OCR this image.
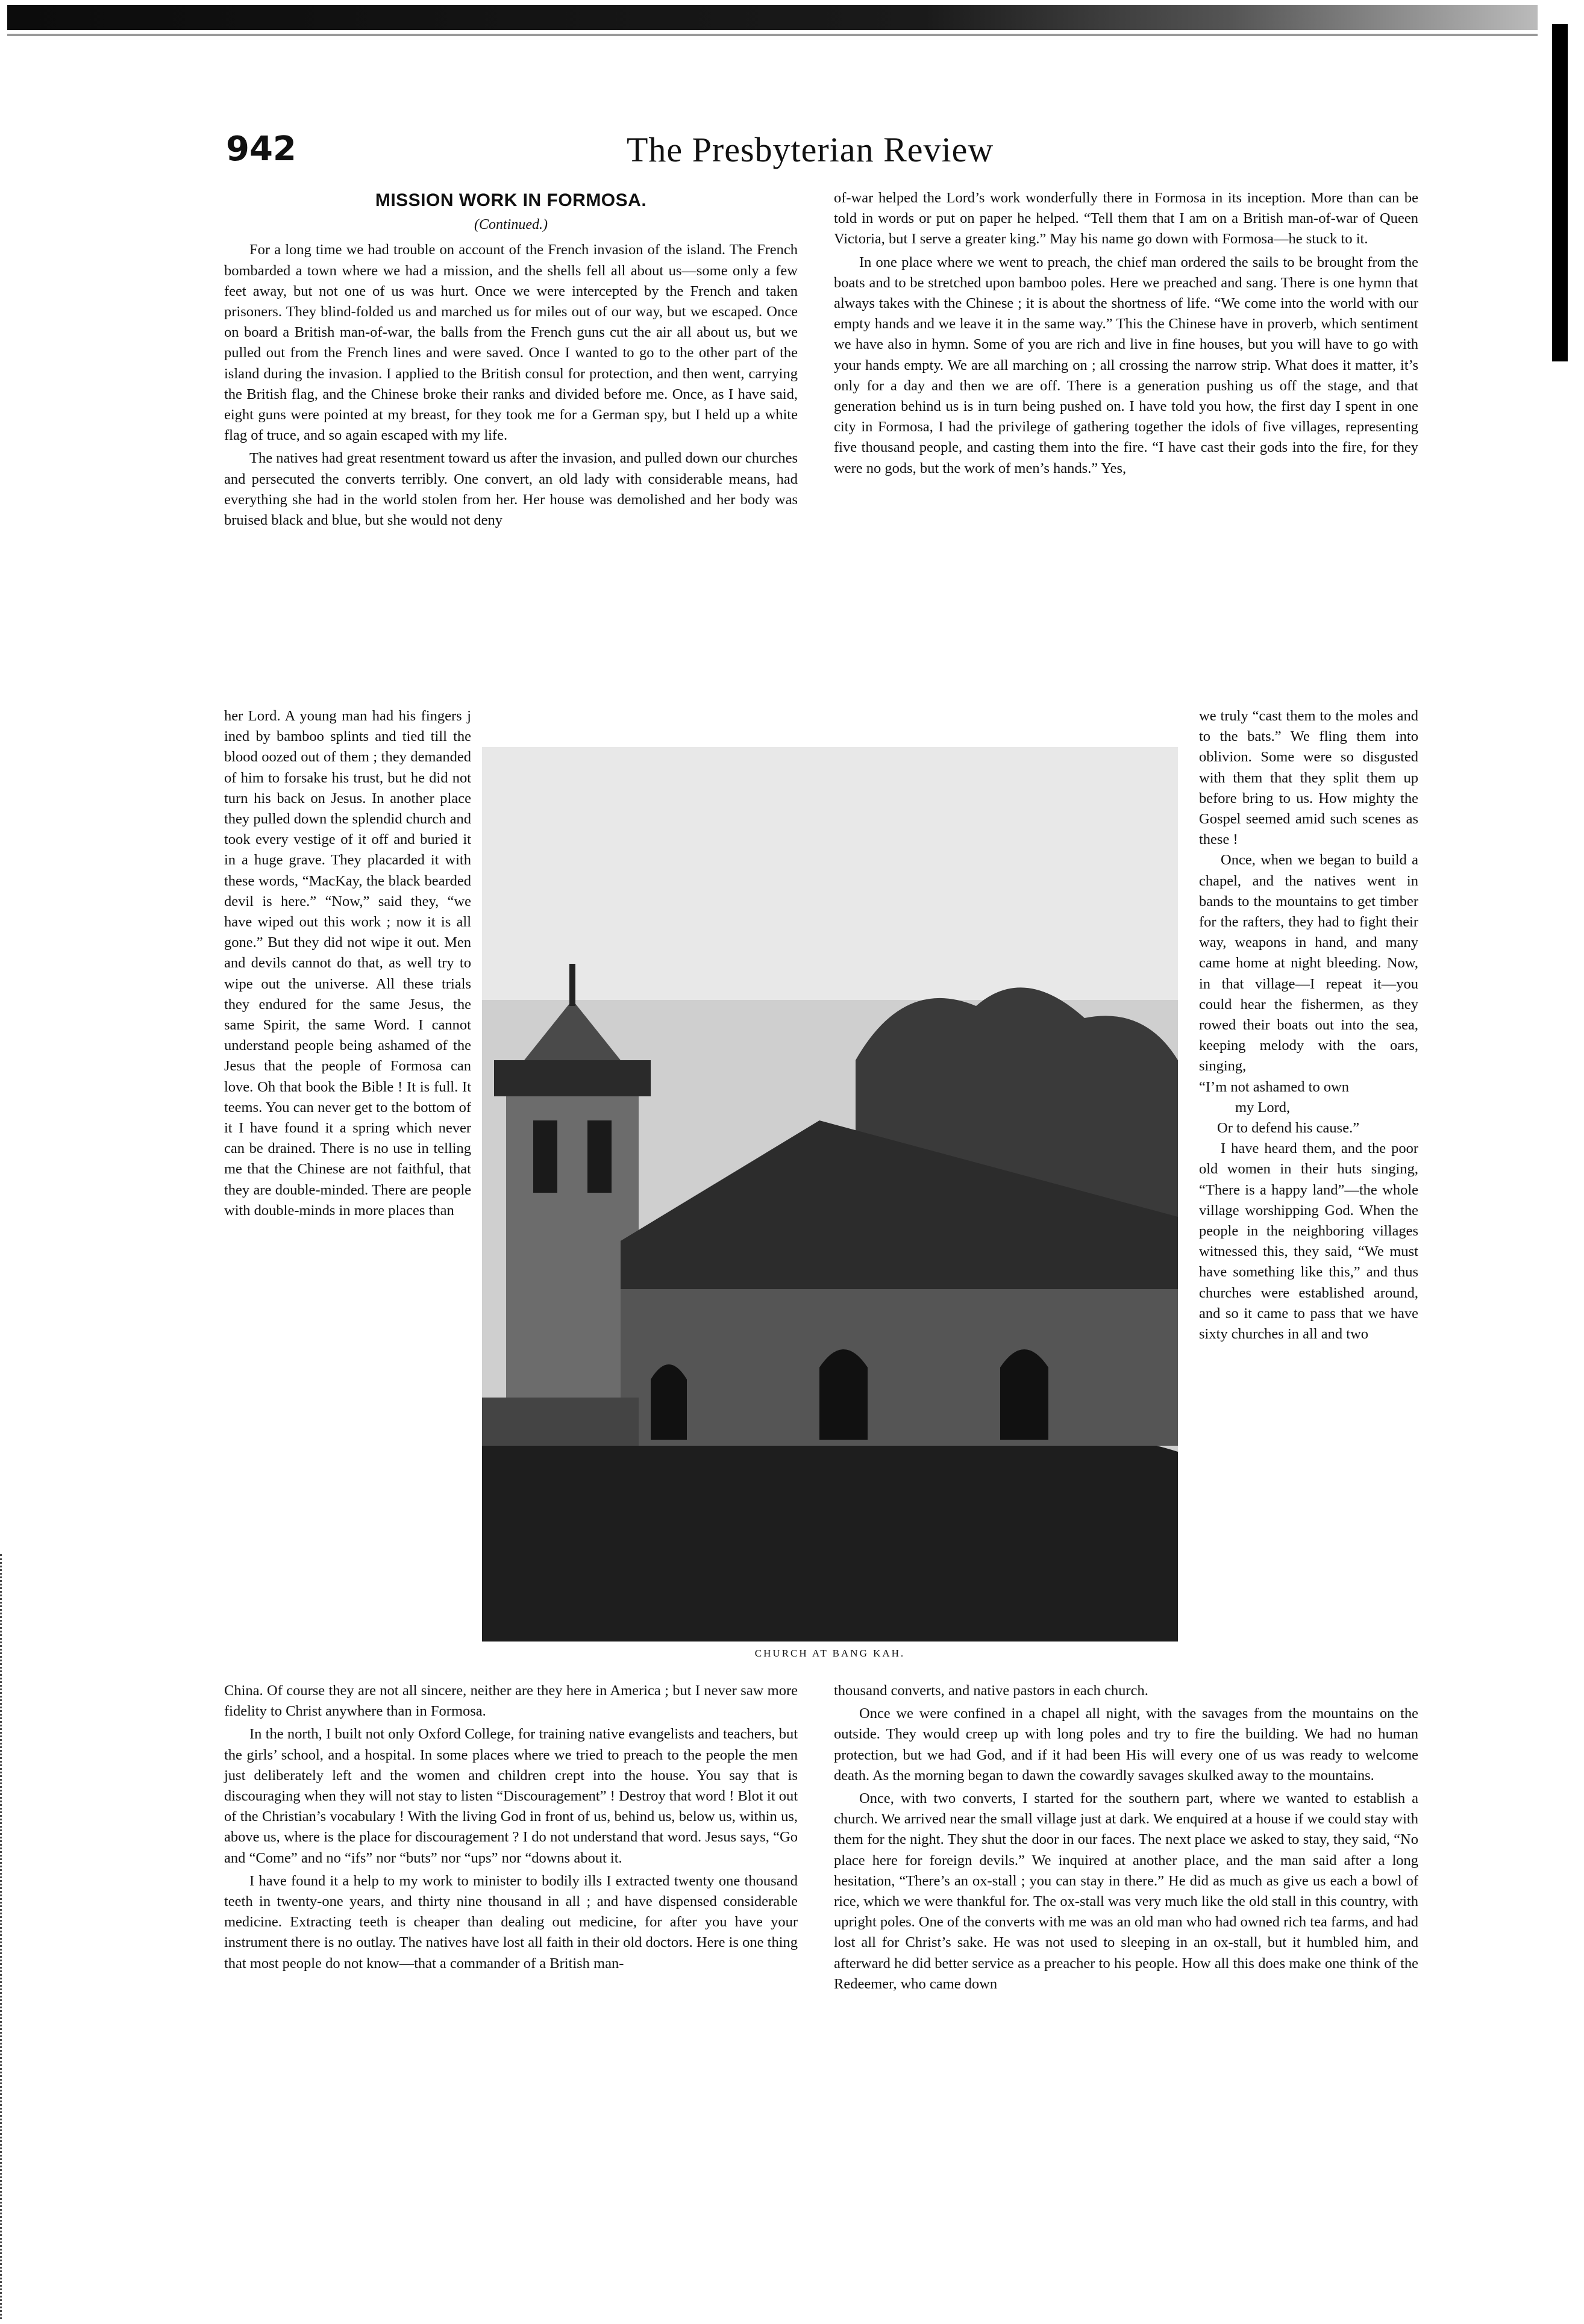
942	The Presbyterian Review
MISSION WORK IN FORMOSA.
(Continued.)

For a long time we had trouble on account of the French invasion of the island. The French bombarded a town where we had a mission, and the shells fell all about us—some only a few feet away, but not one of us was hurt. Once we were intercepted by the French and taken prisoners. They blind-folded us and marched us for miles out of our way, but we escaped. Once on board a British man-of-war, the balls from the French guns cut the air all about us, but we pulled out from the French lines and were saved. Once I wanted to go to the other part of the island during the invasion. I applied to the British consul for protection, and then went, carrying the British flag, and the Chinese broke their ranks and divided before me. Once, as I have said, eight guns were pointed at my breast, for they took me for a German spy, but I held up a white flag of truce, and so again escaped with my life.

The natives had great resentment toward us after the invasion, and pulled down our churches and persecuted the converts terribly. One convert, an old lady with considerable means, had everything she had in the world stolen from her. Her house was demolished and her body was bruised black and blue, but she would not deny

her Lord. A young man had his fingers j ined by bamboo splints and tied till the blood oozed out of them ; they demanded of him to forsake his trust, but he did not turn his back on Jesus. In another place they pulled down the splendid church and took every vestige of it off and buried it in a huge grave. They placarded it with these words, “MacKay, the black bearded devil is here.” “Now,” said they, “we have wiped out this work ; now it is all gone.” But they did not wipe it out. Men and devils cannot do that, as well try to wipe out the universe. All these trials they endured for the same Jesus, the same Spirit, the same Word. I cannot understand people being ashamed of the Jesus that the people of Formosa can love. Oh that book the Bible ! It is full. It teems. You can never get to the bottom of it I have found it a spring which never can be drained. There is no use in telling me that the Chinese are not faithful, that they are double-minded. There are people with double-minds in more places than

CHURCH AT BANG KAH.

China. Of course they are not all sincere, neither are they here in America ; but I never saw more fidelity to Christ anywhere than in Formosa.

In the north, I built not only Oxford College, for training native evangelists and teachers, but the girls’ school, and a hospital. In some places where we tried to preach to the people the men just deliberately left and the women and children crept into the house. You say that is discouraging when they will not stay to listen “Discouragement” ! Destroy that word ! Blot it out of the Christian’s vocabulary ! With the living God in front of us, behind us, below us, within us, above us, where is the place for discouragement ? I do not understand that word. Jesus says, “Go and “Come” and no “ifs” nor “buts” nor “ups” nor “downs about it.

I have found it a help to my work to minister to bodily ills I extracted twenty one thousand teeth in twenty-one years, and thirty nine thousand in all ; and have dispensed considerable medicine. Extracting teeth is cheaper than dealing out medicine, for after you have your instrument there is no outlay. The natives have lost all faith in their old doctors. Here is one thing that most people do not know—that a commander of a British man-

of-war helped the Lord’s work wonderfully there in Formosa in its inception. More than can be told in words or put on paper he helped. “Tell them that I am on a British man-of-war of Queen Victoria, but I serve a greater king.” May his name go down with Formosa—he stuck to it.

In one place where we went to preach, the chief man ordered the sails to be brought from the boats and to be stretched upon bamboo poles. Here we preached and sang. There is one hymn that always takes with the Chinese ; it is about the shortness of life. “We come into the world with our empty hands and we leave it in the same way.” This the Chinese have in proverb, which sentiment we have also in hymn. Some of you are rich and live in fine houses, but you will have to go with your hands empty. We are all marching on ; all crossing the narrow strip. What does it matter, it’s only for a day and then we are off. There is a generation pushing us off the stage, and that generation behind us is in turn being pushed on. I have told you how, the first day I spent in one city in Formosa, I had the privilege of gathering together the idols of five villages, representing five thousand people, and casting them into the fire. “I have cast their gods into the fire, for they were no gods, but the work of men’s hands.” Yes,

we truly “cast them to the moles and to the bats.” We fling them into oblivion. Some were so disgusted with them that they split them up before bring to us. How mighty the Gospel seemed amid such scenes as these !

Once, when we began to build a chapel, and the natives went in bands to the mountains to get timber for the rafters, they had to fight their way, weapons in hand, and many came home at night bleeding. Now, in that village—I repeat it—you could hear the fishermen, as they rowed their boats out into the sea, keeping melody with the oars, singing,

“I’m not ashamed to own
my Lord,
Or to defend his cause.”

I have heard them, and the poor old women in their huts singing, “There is a happy land”—the whole village worshipping God. When the people in the neighboring villages witnessed this, they said, “We must have something like this,” and thus churches were established around, and so it came to pass that we have sixty churches in all and two

thousand converts, and native pastors in each church.

Once we were confined in a chapel all night, with the savages from the mountains on the outside. They would creep up with long poles and try to fire the building. We had no human protection, but we had God, and if it had been His will every one of us was ready to welcome death. As the morning began to dawn the cowardly savages skulked away to the mountains.

Once, with two converts, I started for the southern part, where we wanted to establish a church. We arrived near the small village just at dark. We enquired at a house if we could stay with them for the night. They shut the door in our faces. The next place we asked to stay, they said, “No place here for foreign devils.” We inquired at another place, and the man said after a long hesitation, “There’s an ox-stall ; you can stay in there.” He did as much as give us each a bowl of rice, which we were thankful for. The ox-stall was very much like the old stall in this country, with upright poles. One of the converts with me was an old man who had owned rich tea farms, and had lost all for Christ’s sake. He was not used to sleeping in an ox-stall, but it humbled him, and afterward he did better service as a preacher to his people. How all this does make one think of the Redeemer, who came down
